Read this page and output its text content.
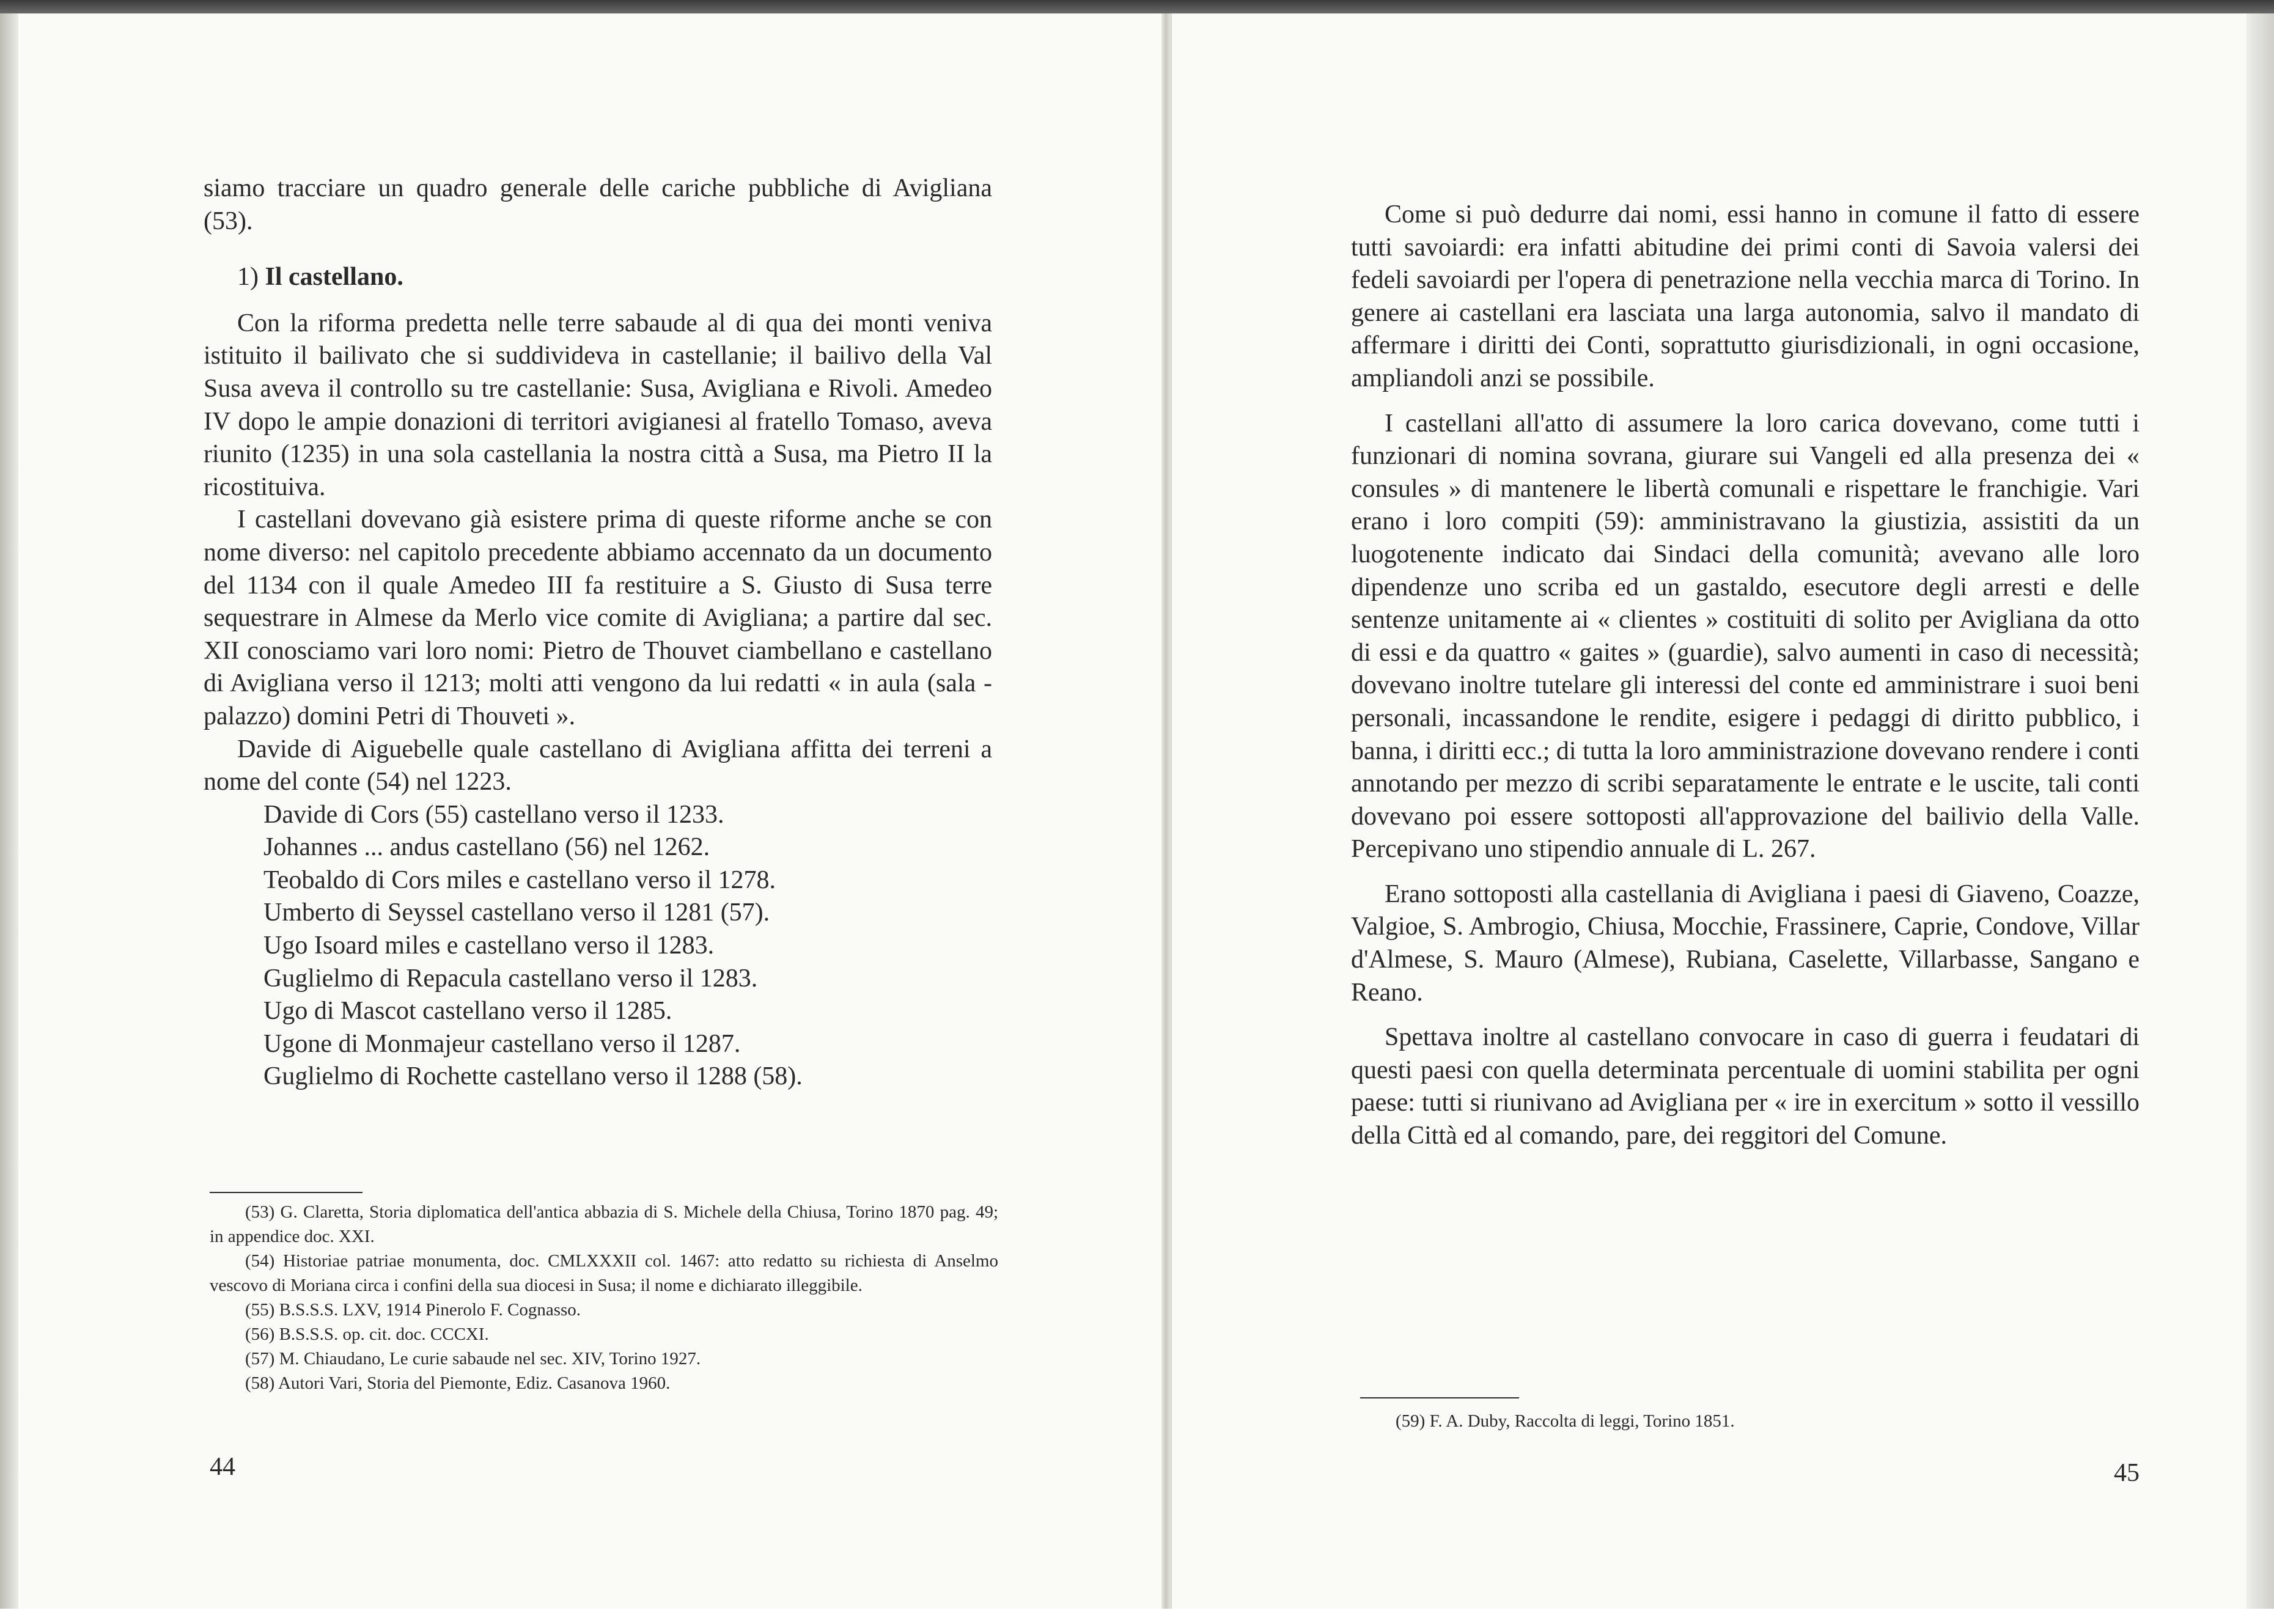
siamo tracciare un quadro generale delle cariche pubbliche di Avigliana (53).

1) Il castellano.

Con la riforma predetta nelle terre sabaude al di qua dei monti veniva istituito il bailivato che si suddivideva in castellanie; il bailivo della Val Susa aveva il controllo su tre castellanie: Susa, Avigliana e Rivoli. Amedeo IV dopo le ampie donazioni di territori avigianesi al fratello Tomaso, aveva riunito (1235) in una sola castellania la nostra città a Susa, ma Pietro II la ricostituiva.

I castellani dovevano già esistere prima di queste riforme anche se con nome diverso: nel capitolo precedente abbiamo accennato da un documento del 1134 con il quale Amedeo III fa restituire a S. Giusto di Susa terre sequestrare in Almese da Merlo vice comite di Avigliana; a partire dal sec. XII conosciamo vari loro nomi: Pietro de Thouvet ciambellano e castellano di Avigliana verso il 1213; molti atti vengono da lui redatti « in aula (sala - palazzo) domini Petri di Thouveti ».

Davide di Aiguebelle quale castellano di Avigliana affitta dei terreni a nome del conte (54) nel 1223.

Davide di Cors (55) castellano verso il 1233.
Johannes ... andus castellano (56) nel 1262.
Teobaldo di Cors miles e castellano verso il 1278.
Umberto di Seyssel castellano verso il 1281 (57).
Ugo Isoard miles e castellano verso il 1283.
Guglielmo di Repacula castellano verso il 1283.
Ugo di Mascot castellano verso il 1285.
Ugone di Monmajeur castellano verso il 1287.
Guglielmo di Rochette castellano verso il 1288 (58).

(53) G. Claretta, Storia diplomatica dell'antica abbazia di S. Michele della Chiusa, Torino 1870 pag. 49; in appendice doc. XXI.

(54) Historiae patriae monumenta, doc. CMLXXXII col. 1467: atto redatto su richiesta di Anselmo vescovo di Moriana circa i confini della sua diocesi in Susa; il nome e dichiarato illeggibile.

(55) B.S.S.S. LXV, 1914 Pinerolo F. Cognasso.

(56) B.S.S.S. op. cit. doc. CCCXI.

(57) M. Chiaudano, Le curie sabaude nel sec. XIV, Torino 1927.

(58) Autori Vari, Storia del Piemonte, Ediz. Casanova 1960.

44

Come si può dedurre dai nomi, essi hanno in comune il fatto di essere tutti savoiardi: era infatti abitudine dei primi conti di Savoia valersi dei fedeli savoiardi per l'opera di penetrazione nella vecchia marca di Torino. In genere ai castellani era lasciata una larga autonomia, salvo il mandato di affermare i diritti dei Conti, soprattutto giurisdizionali, in ogni occasione, ampliandoli anzi se possibile.

I castellani all'atto di assumere la loro carica dovevano, come tutti i funzionari di nomina sovrana, giurare sui Vangeli ed alla presenza dei « consules » di mantenere le libertà comunali e rispettare le franchigie. Vari erano i loro compiti (59): amministravano la giustizia, assistiti da un luogotenente indicato dai Sindaci della comunità; avevano alle loro dipendenze uno scriba ed un gastaldo, esecutore degli arresti e delle sentenze unitamente ai « clientes » costituiti di solito per Avigliana da otto di essi e da quattro « gaites » (guardie), salvo aumenti in caso di necessità; dovevano inoltre tutelare gli interessi del conte ed amministrare i suoi beni personali, incassandone le rendite, esigere i pedaggi di diritto pubblico, i banna, i diritti ecc.; di tutta la loro amministrazione dovevano rendere i conti annotando per mezzo di scribi separatamente le entrate e le uscite, tali conti dovevano poi essere sottoposti all'approvazione del bailivio della Valle. Percepivano uno stipendio annuale di L. 267.

Erano sottoposti alla castellania di Avigliana i paesi di Giaveno, Coazze, Valgioe, S. Ambrogio, Chiusa, Mocchie, Frassinere, Caprie, Condove, Villar d'Almese, S. Mauro (Almese), Rubiana, Caselette, Villarbasse, Sangano e Reano.

Spettava inoltre al castellano convocare in caso di guerra i feudatari di questi paesi con quella determinata percentuale di uomini stabilita per ogni paese: tutti si riunivano ad Avigliana per « ire in exercitum » sotto il vessillo della Città ed al comando, pare, dei reggitori del Comune.

(59) F. A. Duby, Raccolta di leggi, Torino 1851.

45
